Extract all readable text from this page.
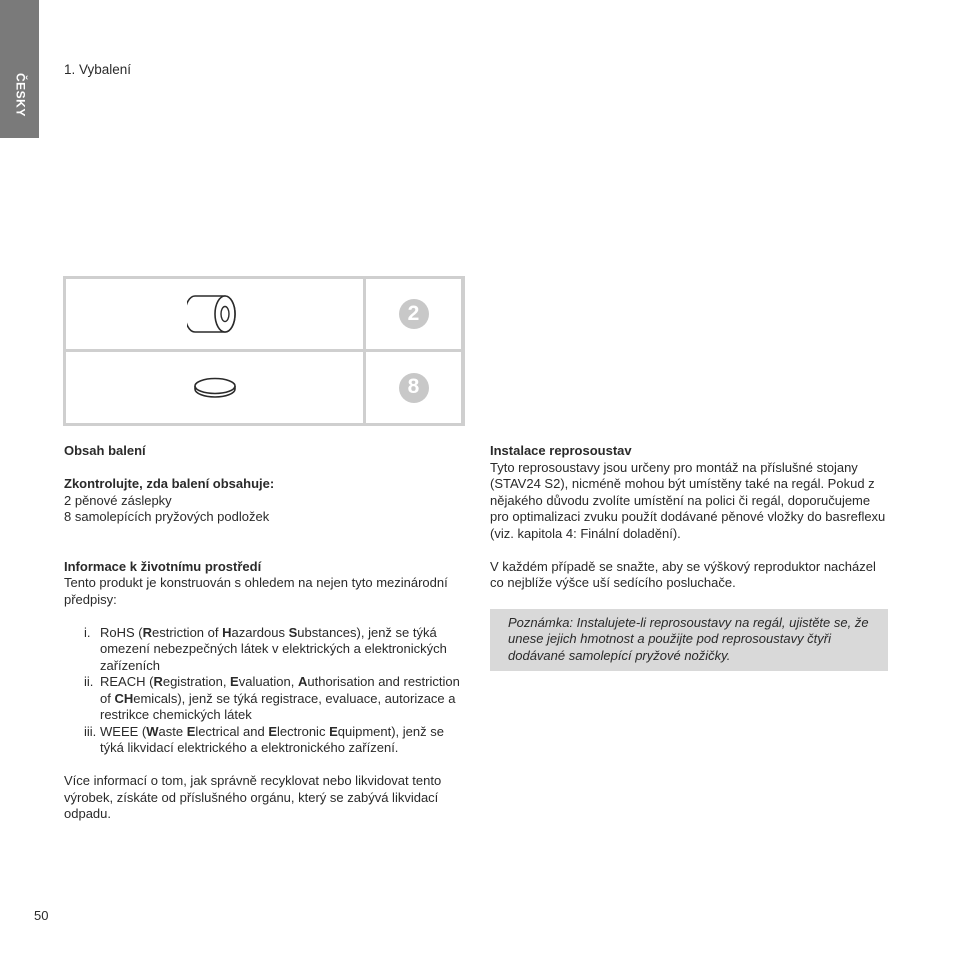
ČESKY
1. Vybalení
2
8

Obsah balení

Zkontrolujte, zda balení obsahuje:

2 pěnové záslepky

8 samolepících pryžových podložek

Informace k životnímu prostředí

Tento produkt je konstruován s ohledem na nejen tyto mezinárodní předpisy:

i. RoHS (Restriction of Hazardous Substances), jenž se týká omezení nebezpečných látek v elektrických a elektronických zařízeních
ii. REACH (Registration, Evaluation, Authorisation and restriction of CHemicals), jenž se týká registrace, evaluace, autorizace a restrikce chemických látek
iii. WEEE (Waste Electrical and Electronic Equipment), jenž se týká likvidací elektrického a elektronického zařízení.

Více informací o tom, jak správně recyklovat nebo likvidovat tento výrobek, získáte od příslušného orgánu, který se zabývá likvidací odpadu.

Instalace reprosoustav

Tyto reprosoustavy jsou určeny pro montáž na příslušné stojany (STAV24 S2), nicméně mohou být umístěny také na regál. Pokud z nějakého důvodu zvolíte umístění na polici či regál, doporučujeme pro optimalizaci zvuku použít dodávané pěnové vložky do basreflexu (viz. kapitola 4: Finální doladění).

V každém případě se snažte, aby se výškový reproduktor nacházel co nejblíže výšce uší sedícího posluchače.

Poznámka: Instalujete-li reprosoustavy na regál, ujistěte se, že unese jejich hmotnost a použijte pod reprosoustavy čtyři dodávané samolepící pryžové nožičky.
50
